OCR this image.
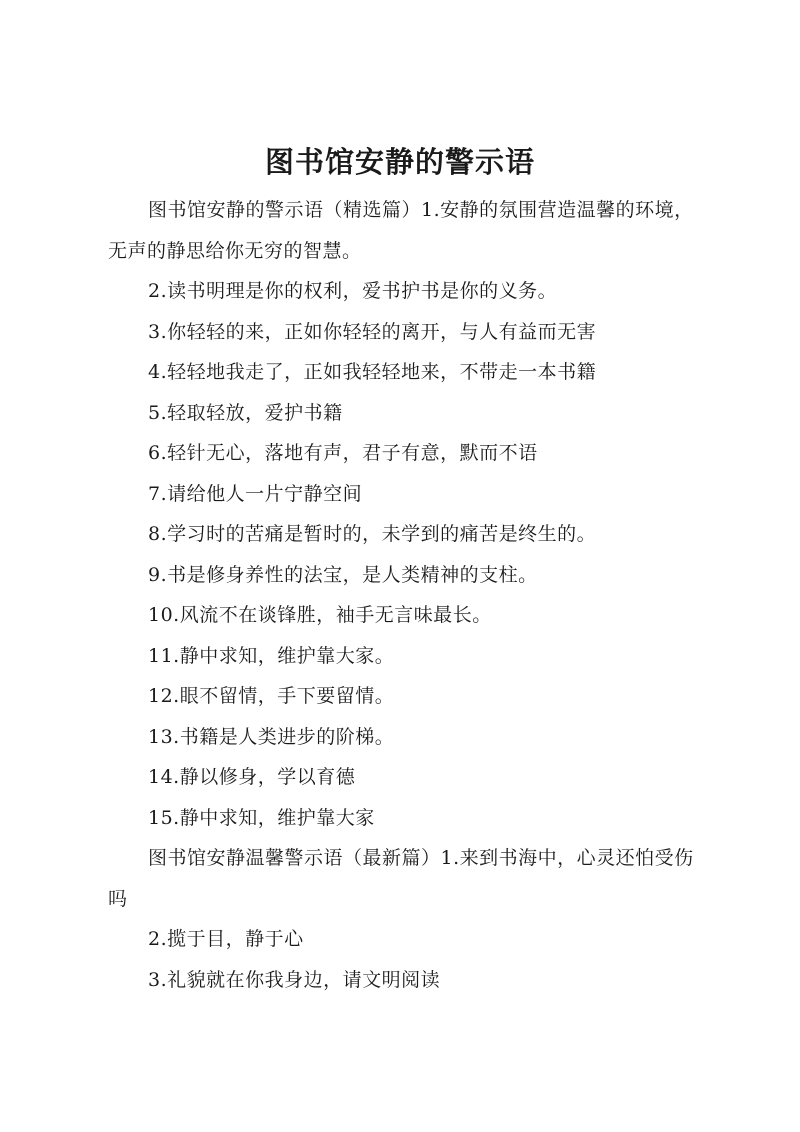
图书馆安静的警示语

图书馆安静的警示语（精选篇）1.安静的氛围营造温馨的环境，无声的静思给你无穷的智慧。

2.读书明理是你的权利，爱书护书是你的义务。

3.你轻轻的来，正如你轻轻的离开，与人有益而无害

4.轻轻地我走了，正如我轻轻地来，不带走一本书籍

5.轻取轻放，爱护书籍

6.轻针无心，落地有声，君子有意，默而不语

7.请给他人一片宁静空间

8.学习时的苦痛是暂时的，未学到的痛苦是终生的。

9.书是修身养性的法宝，是人类精神的支柱。

10.风流不在谈锋胜，袖手无言味最长。

11.静中求知，维护靠大家。

12.眼不留情，手下要留情。

13.书籍是人类进步的阶梯。

14.静以修身，学以育德

15.静中求知，维护靠大家

图书馆安静温馨警示语（最新篇）1.来到书海中，心灵还怕受伤吗

2.揽于目，静于心

3.礼貌就在你我身边，请文明阅读
